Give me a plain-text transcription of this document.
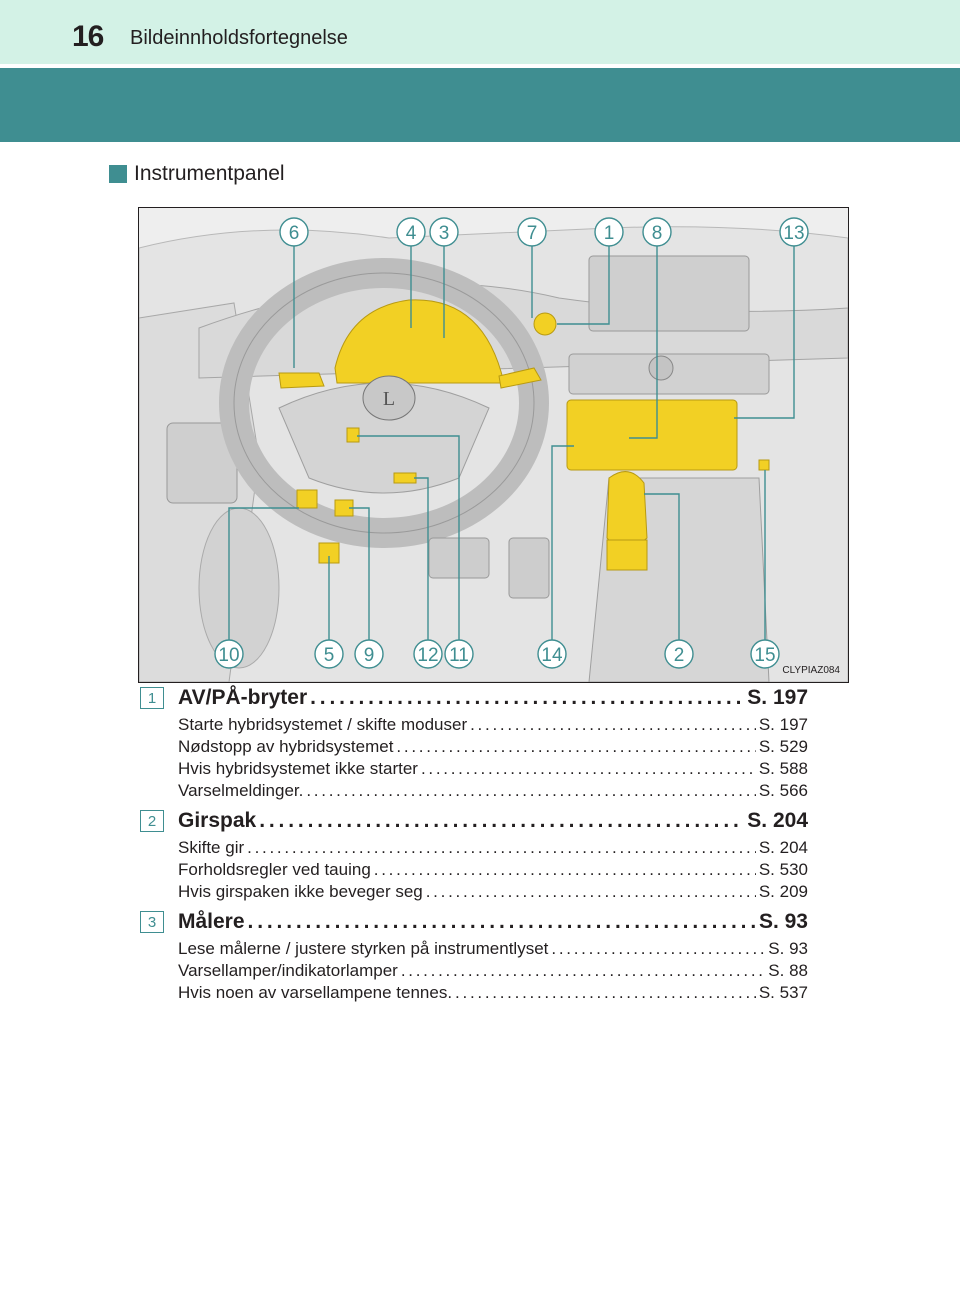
16 Bildeinnholdsfortegnelse
Instrumentpanel
L
6	4 3	7	1 8	13
10	5 9 12 11	14	2	15
CLYPIAZ084
1	AV/PÅ-bryter . . .	S. 197
Starte hybridsystemet / skifte moduser . . .	S. 197
Nødstopp av hybridsystemet . . .	S. 529
Hvis hybridsystemet ikke starter . . .	S. 588
Varselmeldinger. . . .	S. 566
2	Girspak . . .	S. 204
Skifte gir . . .	S. 204
Forholdsregler ved tauing . . .	S. 530
Hvis girspaken ikke beveger seg . . .	S. 209
3	Målere . . .	S. 93
Lese målerne / justere styrken på instrumentlyset . . .	S. 93
Varsellamper/indikatorlamper . . .	S. 88
Hvis noen av varsellampene tennes. . . .	S. 537
